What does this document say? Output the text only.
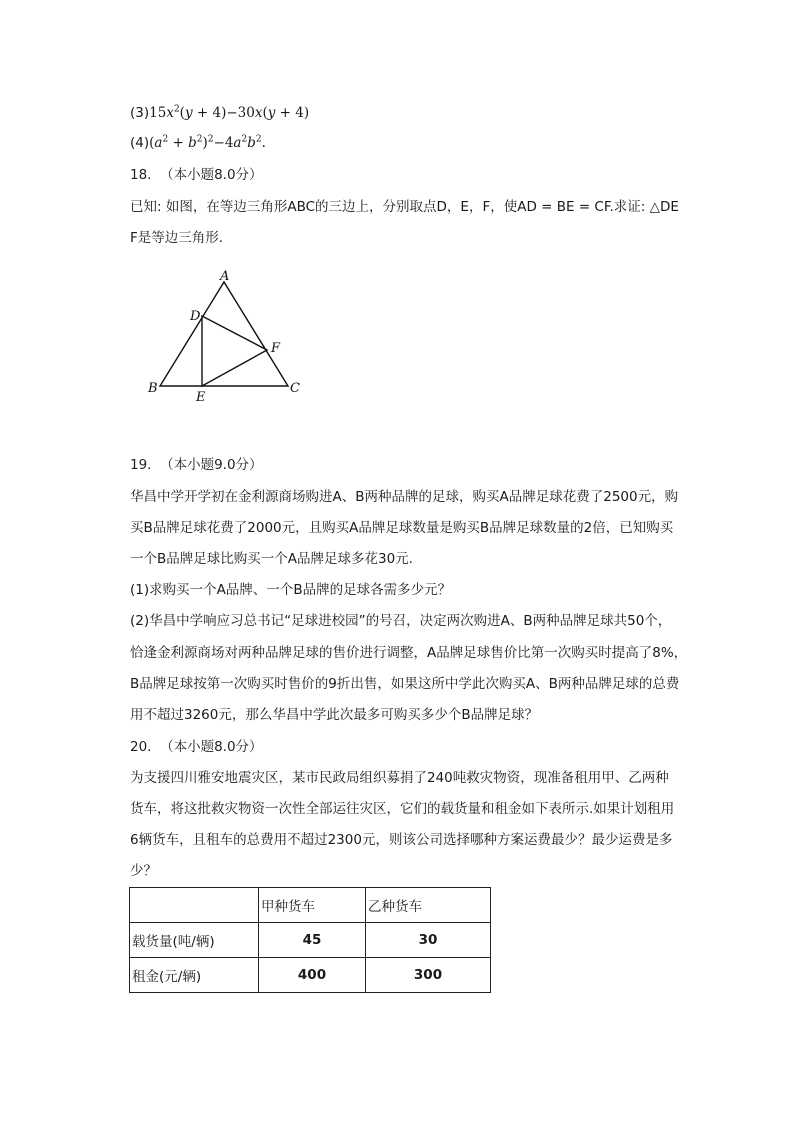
$(3)15x^2(y + 4)-30x(y + 4)$
$(4)(a^2 + b^2)^2-4a^2b^2$.
18. （本小题8.0分）
已知: 如图，在等边三角形ABC的三边上，分别取点D，E，F，使AD = BE = CF.求证: △DE
F是等边三角形.
A
B	C
D
E
F
19. （本小题9.0分）
华昌中学开学初在金利源商场购进A、B两种品牌的足球，购买A品牌足球花费了2500元，购
买B品牌足球花费了2000元，且购买A品牌足球数量是购买B品牌足球数量的2倍，已知购买
一个B品牌足球比购买一个A品牌足球多花30元.
(1)求购买一个A品牌、一个B品牌的足球各需多少元？
(2)华昌中学响应习总书记“足球进校园”的号召，决定两次购进A、B两种品牌足球共50个，
恰逢金利源商场对两种品牌足球的售价进行调整，A品牌足球售价比第一次购买时提高了8%，
B品牌足球按第一次购买时售价的9折出售，如果这所中学此次购买A、B两种品牌足球的总费
用不超过3260元，那么华昌中学此次最多可购买多少个B品牌足球？
20. （本小题8.0分）
为支援四川雅安地震灾区，某市民政局组织募捐了240吨救灾物资，现准备租用甲、乙两种
货车，将这批救灾物资一次性全部运往灾区，它们的载货量和租金如下表所示.如果计划租用
6辆货车，且租车的总费用不超过2300元，则该公司选择哪种方案运费最少？最少运费是多
少？
	甲种货车	乙种货车
载货量(吨/辆)	45	30
租金(元/辆)	400	300
